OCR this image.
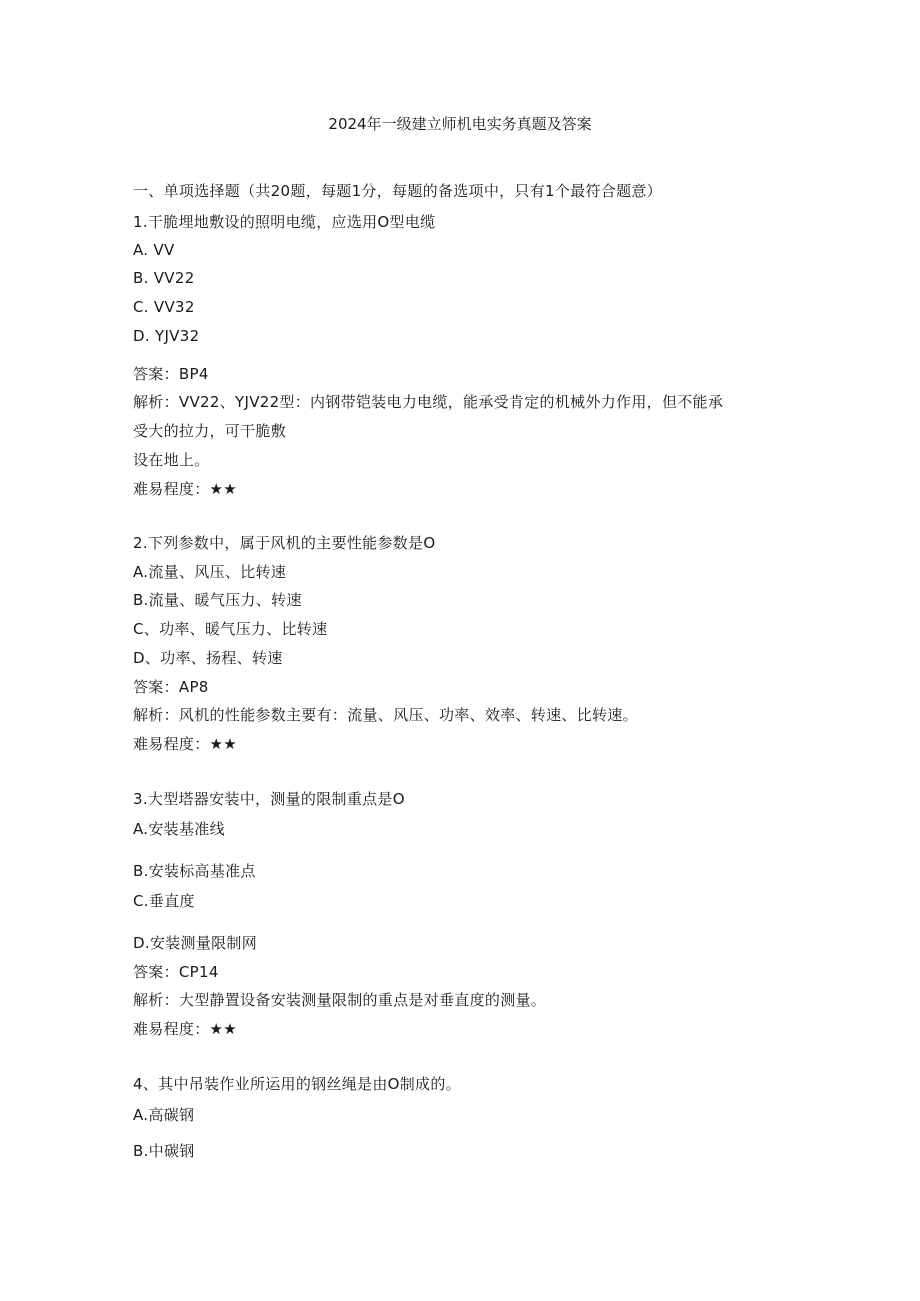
2024年一级建立师机电实务真题及答案
一、单项选择题（共20题，每题1分，每题的备选项中，只有1个最符合题意）
1.干脆埋地敷设的照明电缆，应选用O型电缆
A. VV
B. VV22
C. VV32
D. YJV32
答案：BP4
解析：VV22、YJV22型：内钢带铠装电力电缆，能承受肯定的机械外力作用，但不能承
受大的拉力，可干脆敷
设在地上。
难易程度：★★
2.下列参数中，属于风机的主要性能参数是O
A.流量、风压、比转速
B.流量、暖气压力、转速
C、功率、暖气压力、比转速
D、功率、扬程、转速
答案：AP8
解析：风机的性能参数主要有：流量、风压、功率、效率、转速、比转速。
难易程度：★★
3.大型塔器安装中，测量的限制重点是O
A.安装基准线
B.安装标高基准点
C.垂直度
D.安装测量限制网
答案：CP14
解析：大型静置设备安装测量限制的重点是对垂直度的测量。
难易程度：★★
4、其中吊装作业所运用的钢丝绳是由O制成的。
A.高碳钢
B.中碳钢
